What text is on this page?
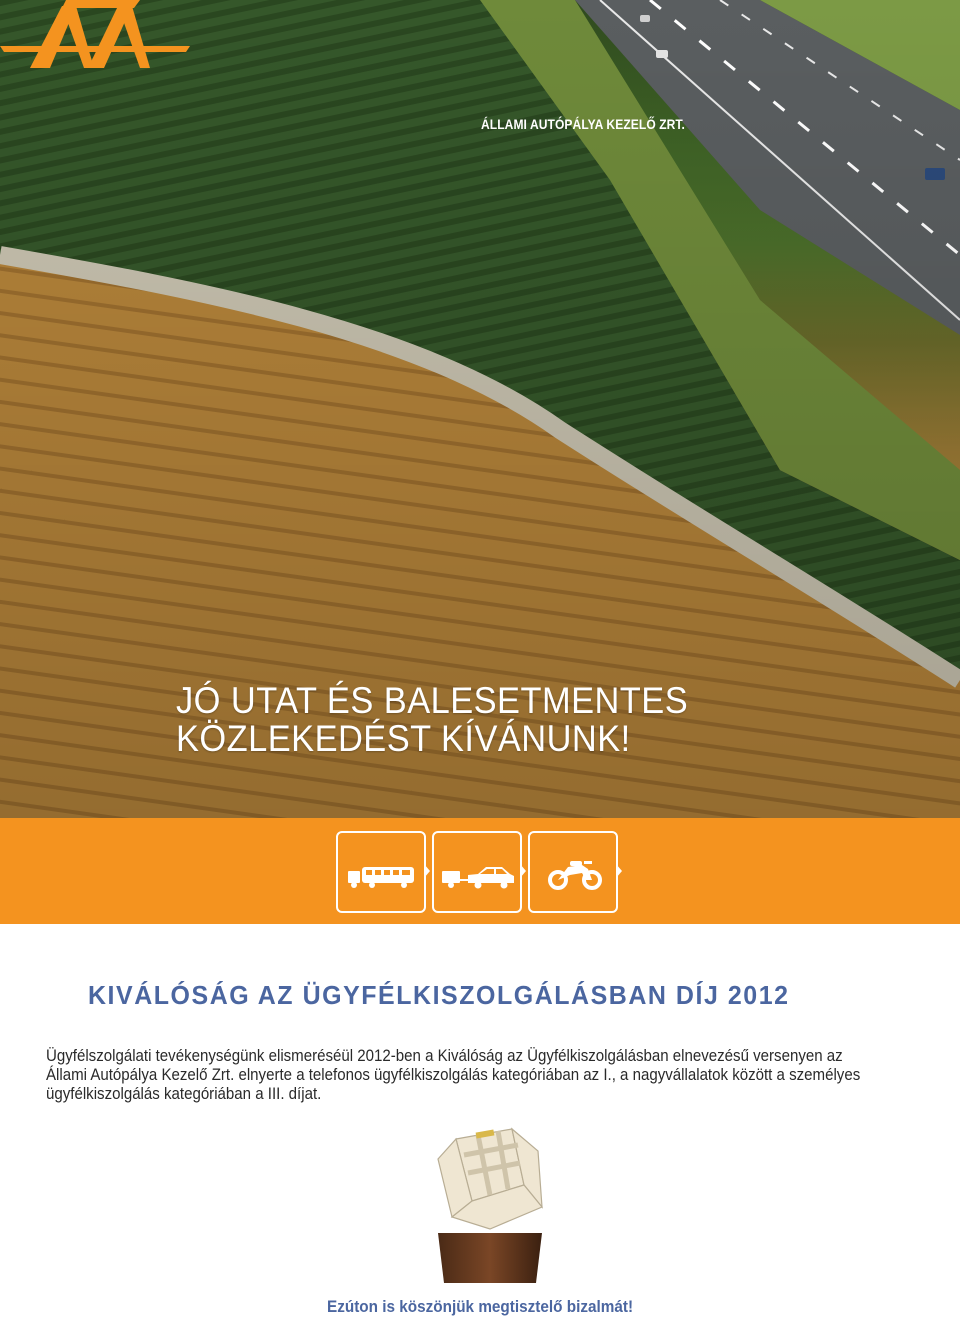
ÁLLAMI AUTÓPÁLYA KEZELŐ ZRT.
JÓ UTAT ÉS BALESETMENTES
KÖZLEKEDÉST KÍVÁNUNK!
KIVÁLÓSÁG AZ ÜGYFÉLKISZOLGÁLÁSBAN DÍJ 2012
Ügyfélszolgálati tevékenységünk elismeréséül 2012-ben a Kiválóság az Ügyfélkiszolgálásban elnevezésű versenyen az
Állami Autópálya Kezelő Zrt. elnyerte a telefonos ügyfélkiszolgálás kategóriában az I., a nagyvállalatok között a személyes
ügyfélkiszolgálás kategóriában a III. díjat.
Ezúton is köszönjük megtisztelő bizalmát!
